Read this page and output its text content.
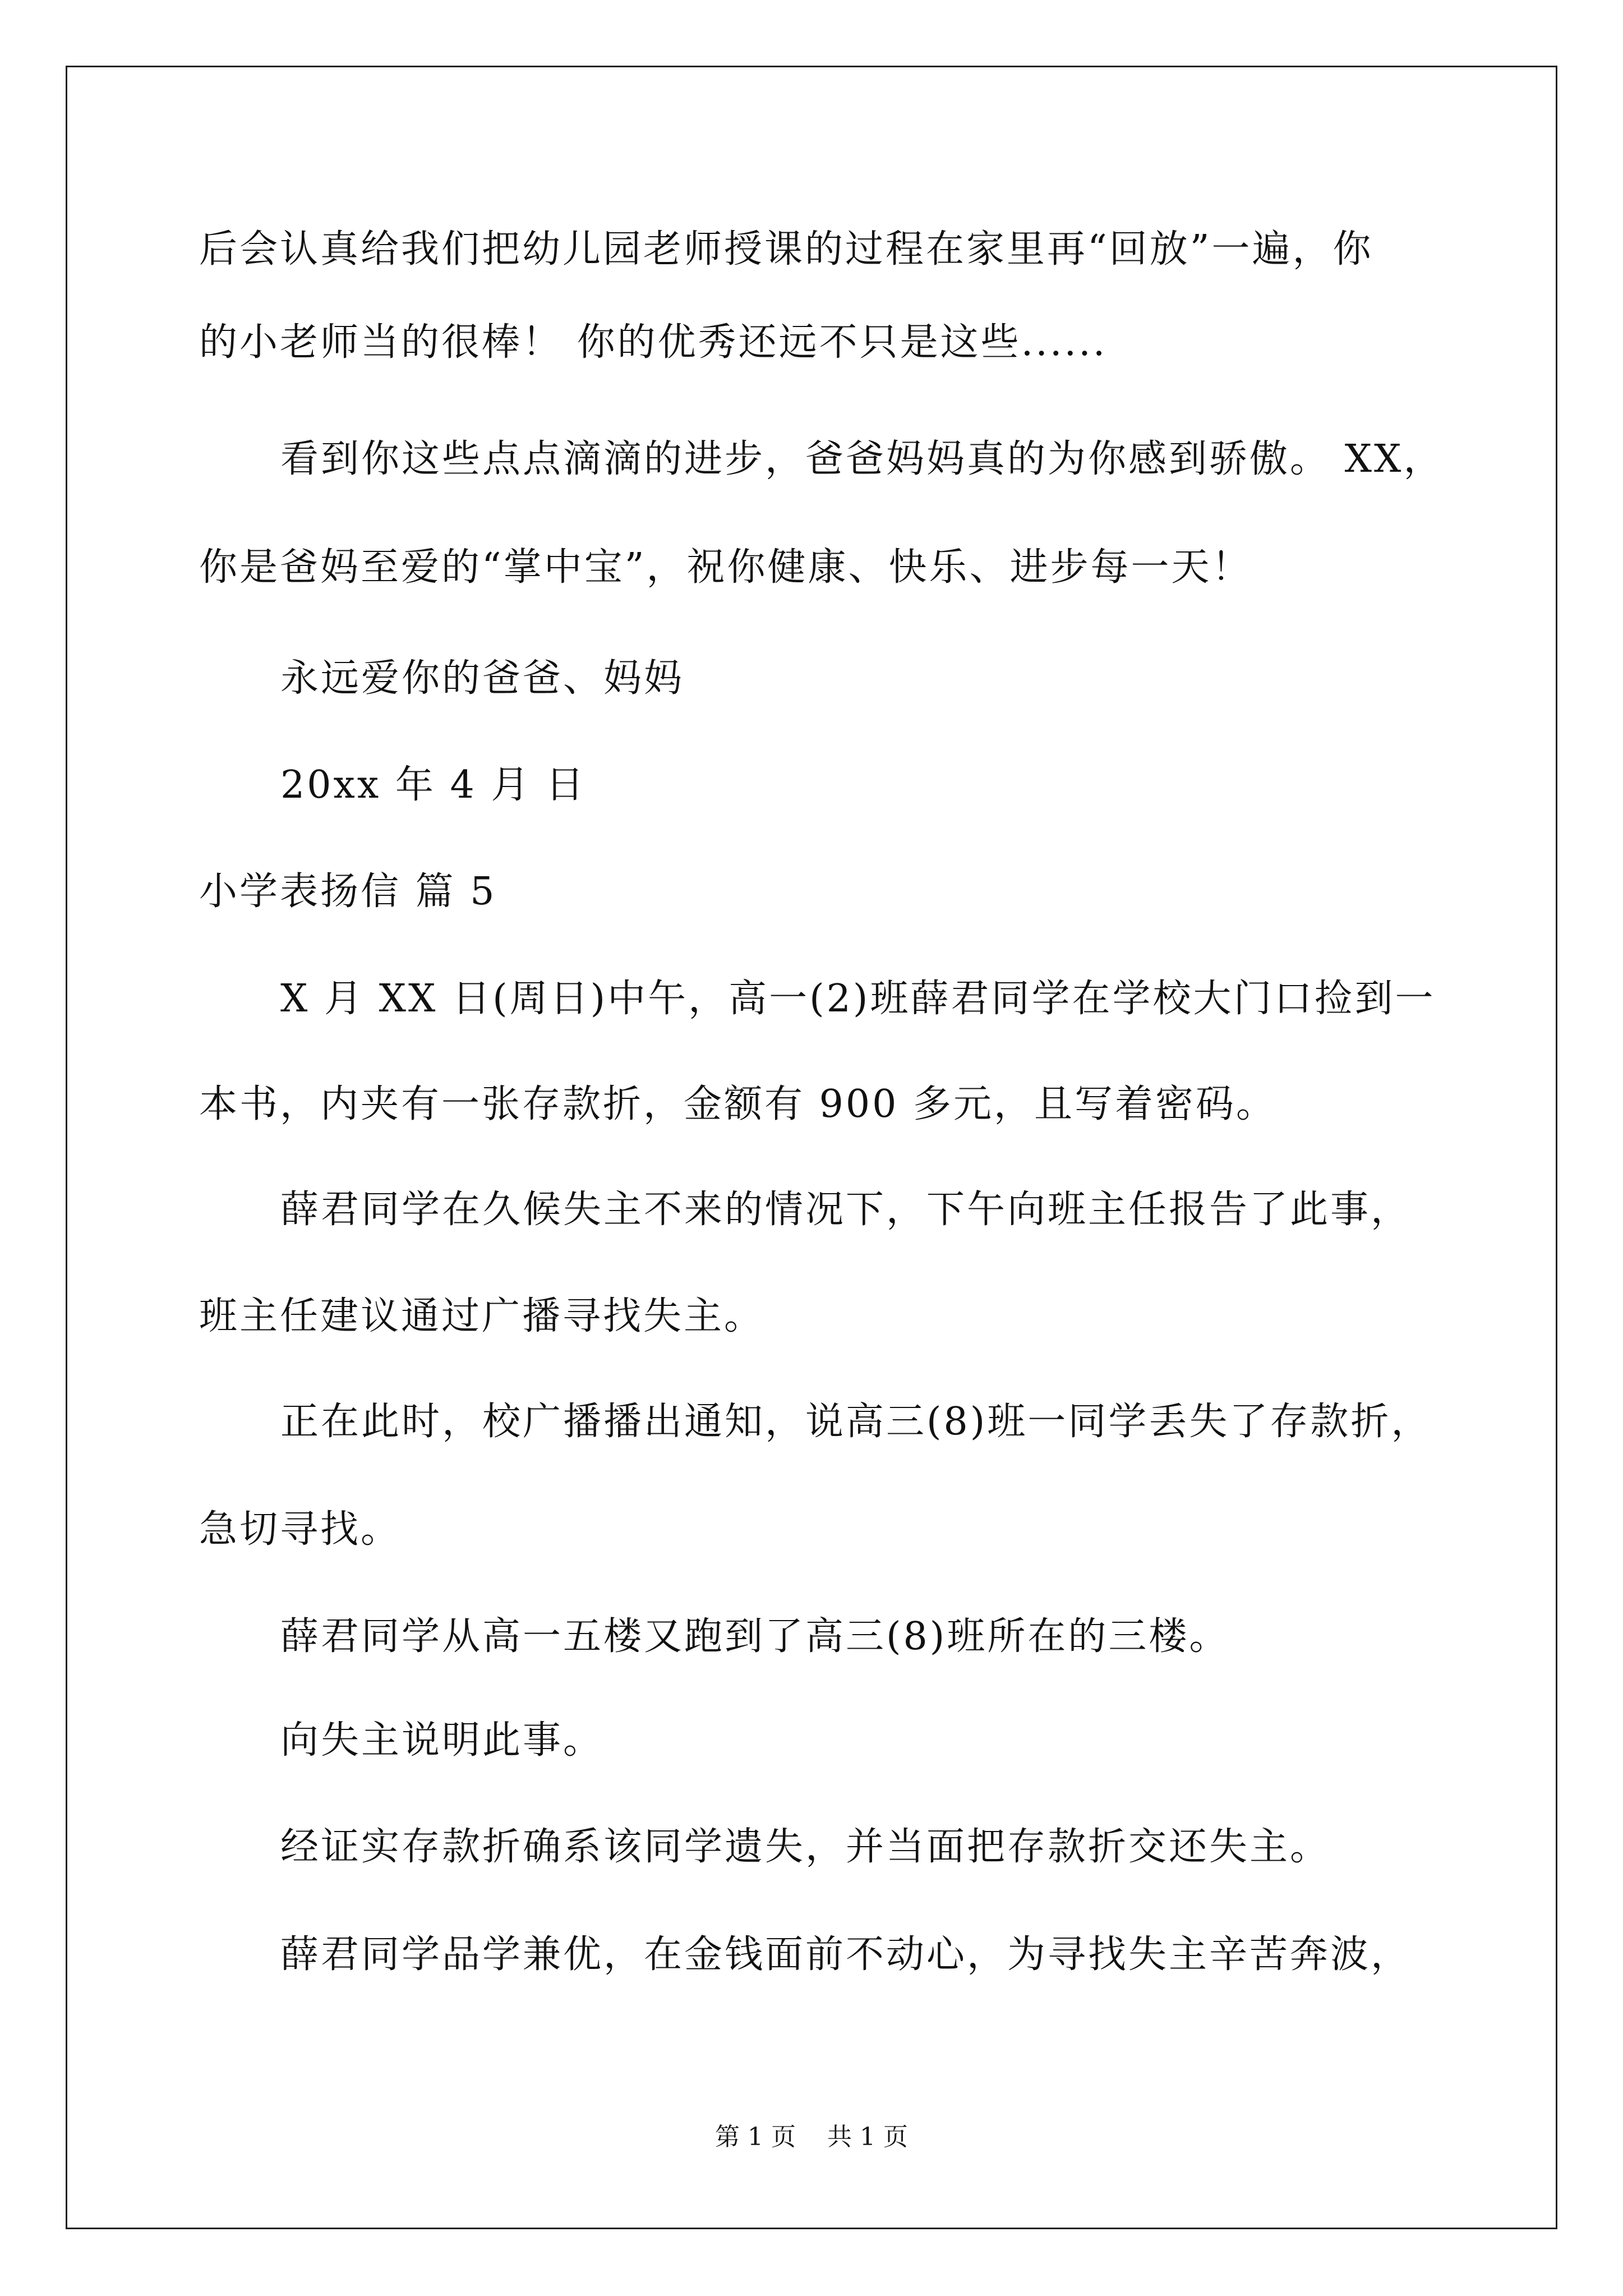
后会认真给我们把幼儿园老师授课的过程在家里再“回放”一遍，你

的小老师当的很棒！ 你的优秀还远不只是这些......

看到你这些点点滴滴的进步，爸爸妈妈真的为你感到骄傲。 XX，

你是爸妈至爱的“掌中宝”，祝你健康、快乐、进步每一天！

永远爱你的爸爸、妈妈

20xx 年 4 月 日

小学表扬信 篇 5

X 月 XX 日(周日)中午，高一(2)班薛君同学在学校大门口捡到一

本书，内夹有一张存款折，金额有 900 多元，且写着密码。

薛君同学在久候失主不来的情况下，下午向班主任报告了此事，

班主任建议通过广播寻找失主。

正在此时，校广播播出通知，说高三(8)班一同学丢失了存款折，

急切寻找。

薛君同学从高一五楼又跑到了高三(8)班所在的三楼。

向失主说明此事。

经证实存款折确系该同学遗失，并当面把存款折交还失主。

薛君同学品学兼优，在金钱面前不动心，为寻找失主辛苦奔波，

第 1 页    共 1 页
